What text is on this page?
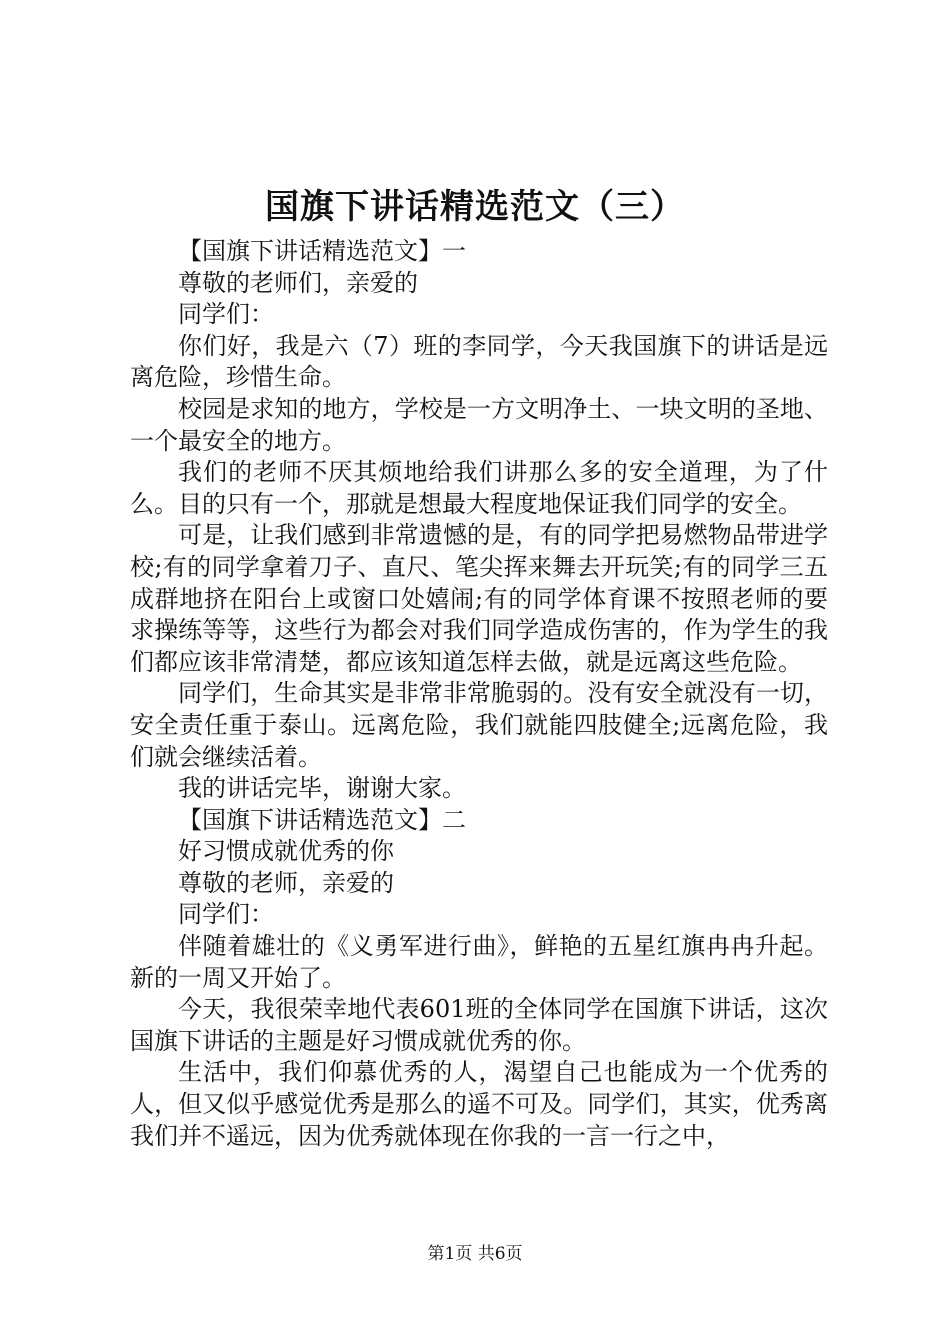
国旗下讲话精选范文（三）

【国旗下讲话精选范文】一

尊敬的老师们，亲爱的

同学们：

你们好，我是六（7）班的李同学，今天我国旗下的讲话是远离危险，珍惜生命。

校园是求知的地方，学校是一方文明净土、一块文明的圣地、一个最安全的地方。

我们的老师不厌其烦地给我们讲那么多的安全道理，为了什么。目的只有一个，那就是想最大程度地保证我们同学的安全。

可是，让我们感到非常遗憾的是，有的同学把易燃物品带进学校;有的同学拿着刀子、直尺、笔尖挥来舞去开玩笑;有的同学三五成群地挤在阳台上或窗口处嬉闹;有的同学体育课不按照老师的要求操练等等，这些行为都会对我们同学造成伤害的，作为学生的我们都应该非常清楚，都应该知道怎样去做，就是远离这些危险。

同学们，生命其实是非常非常脆弱的。没有安全就没有一切，安全责任重于泰山。远离危险，我们就能四肢健全;远离危险，我们就会继续活着。

我的讲话完毕，谢谢大家。

【国旗下讲话精选范文】二

好习惯成就优秀的你

尊敬的老师，亲爱的

同学们：

伴随着雄壮的《义勇军进行曲》，鲜艳的五星红旗冉冉升起。新的一周又开始了。

今天，我很荣幸地代表601班的全体同学在国旗下讲话，这次国旗下讲话的主题是好习惯成就优秀的你。

生活中，我们仰慕优秀的人，渴望自己也能成为一个优秀的人，但又似乎感觉优秀是那么的遥不可及。同学们，其实，优秀离我们并不遥远，因为优秀就体现在你我的一言一行之中，

第1页 共6页
